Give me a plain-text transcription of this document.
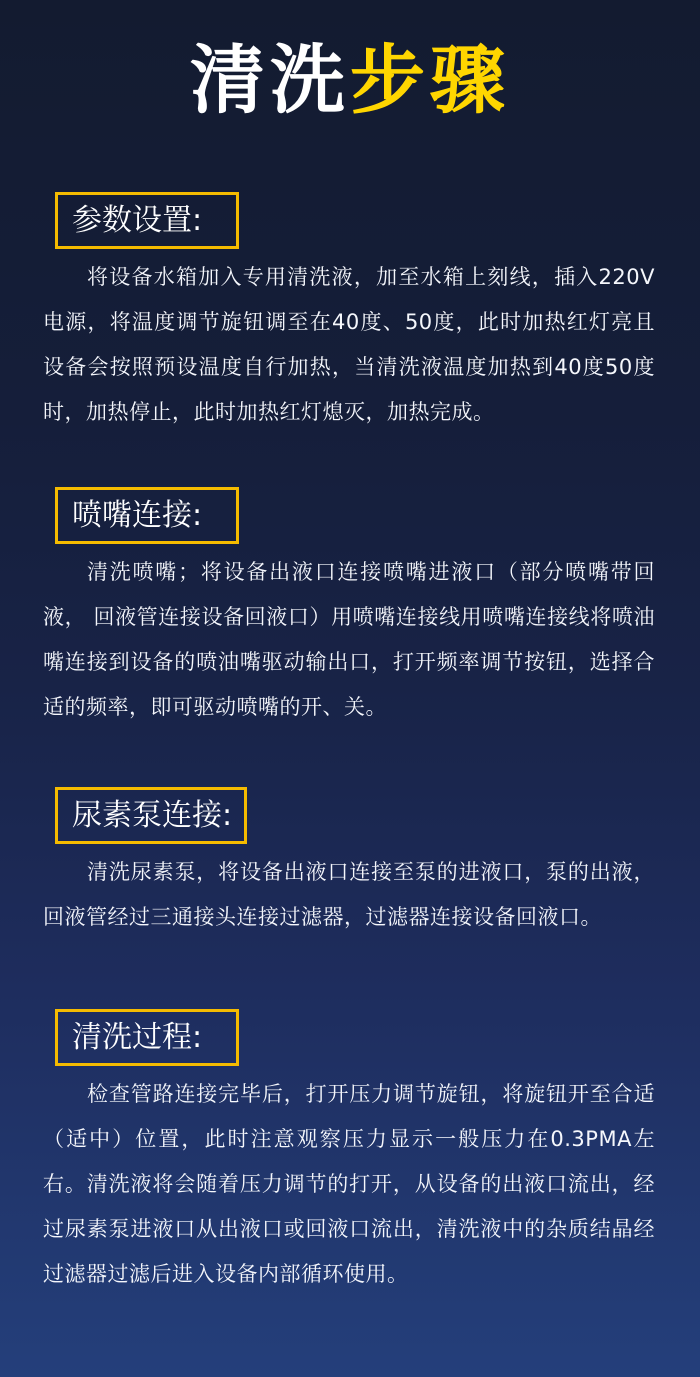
清洗步骤
参数设置:

将设备水箱加入专用清洗液，加至水箱上刻线，插入220V电源，将温度调节旋钮调至在40度、50度，此时加热红灯亮且设备会按照预设温度自行加热，当清洗液温度加热到40度50度时，加热停止，此时加热红灯熄灭，加热完成。

喷嘴连接:

清洗喷嘴；将设备出液口连接喷嘴进液口（部分喷嘴带回液， 回液管连接设备回液口）用喷嘴连接线用喷嘴连接线将喷油嘴连接到设备的喷油嘴驱动输出口，打开频率调节按钮，选择合适的频率，即可驱动喷嘴的开、关。

尿素泵连接:

清洗尿素泵，将设备出液口连接至泵的进液口，泵的出液，回液管经过三通接头连接过滤器，过滤器连接设备回液口。

清洗过程:

检查管路连接完毕后，打开压力调节旋钮，将旋钮开至合适（适中）位置，此时注意观察压力显示一般压力在0.3PMA左右。清洗液将会随着压力调节的打开，从设备的出液口流出，经过尿素泵进液口从出液口或回液口流出，清洗液中的杂质结晶经过滤器过滤后进入设备内部循环使用。
